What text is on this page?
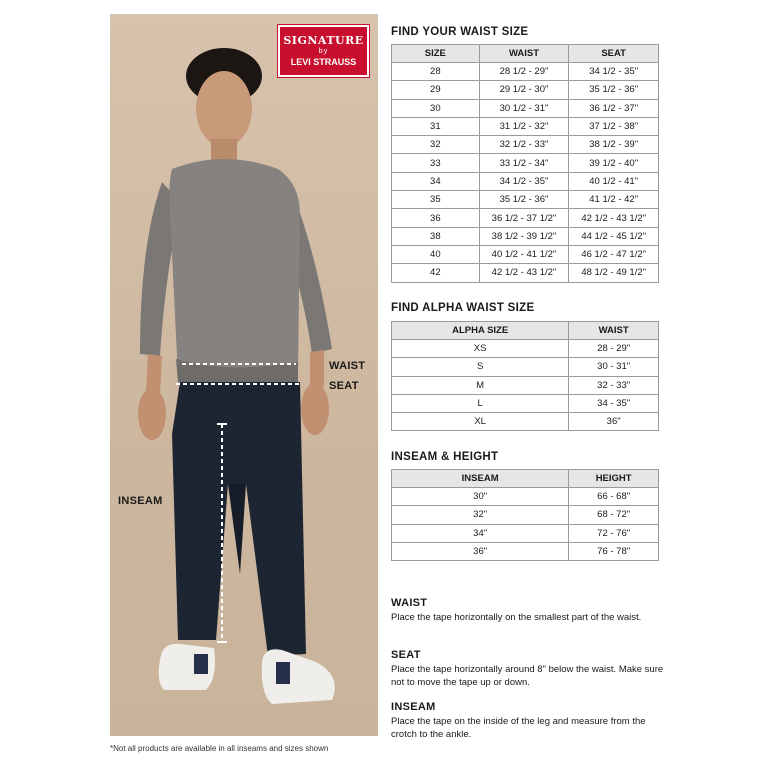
SIGNATURE
by
LEVI STRAUSS
WAIST
SEAT
INSEAM
FIND YOUR WAIST SIZE
SIZE	WAIST	SEAT
28	28 1/2 - 29"	34 1/2 - 35"
29	29 1/2 - 30"	35 1/2 - 36"
30	30 1/2 - 31"	36 1/2 - 37"
31	31 1/2 - 32"	37 1/2 - 38"
32	32 1/2 - 33"	38 1/2 - 39"
33	33 1/2 - 34"	39 1/2 - 40"
34	34 1/2 - 35"	40 1/2 - 41"
35	35 1/2 - 36"	41 1/2 - 42"
36	36 1/2 - 37 1/2"	42 1/2 - 43 1/2"
38	38 1/2 - 39 1/2"	44 1/2 - 45 1/2"
40	40 1/2 - 41 1/2"	46 1/2 - 47 1/2"
42	42 1/2 - 43 1/2"	48 1/2 - 49 1/2"
FIND ALPHA WAIST SIZE
ALPHA SIZE	WAIST
XS	28 - 29"
S	30 - 31"
M	32 - 33"
L	34 - 35"
XL	36"
INSEAM & HEIGHT
INSEAM	HEIGHT
30"	66 - 68"
32"	68 - 72"
34"	72 - 76"
36"	76 - 78"
WAIST

Place the tape horizontally on the smallest part of the waist.

SEAT

Place the tape horizontally around 8" below the waist. Make sure not to move the tape up or down.

INSEAM

Place the tape on the inside of the leg and measure from the crotch to the ankle.

*Not all products are available in all inseams and sizes shown
